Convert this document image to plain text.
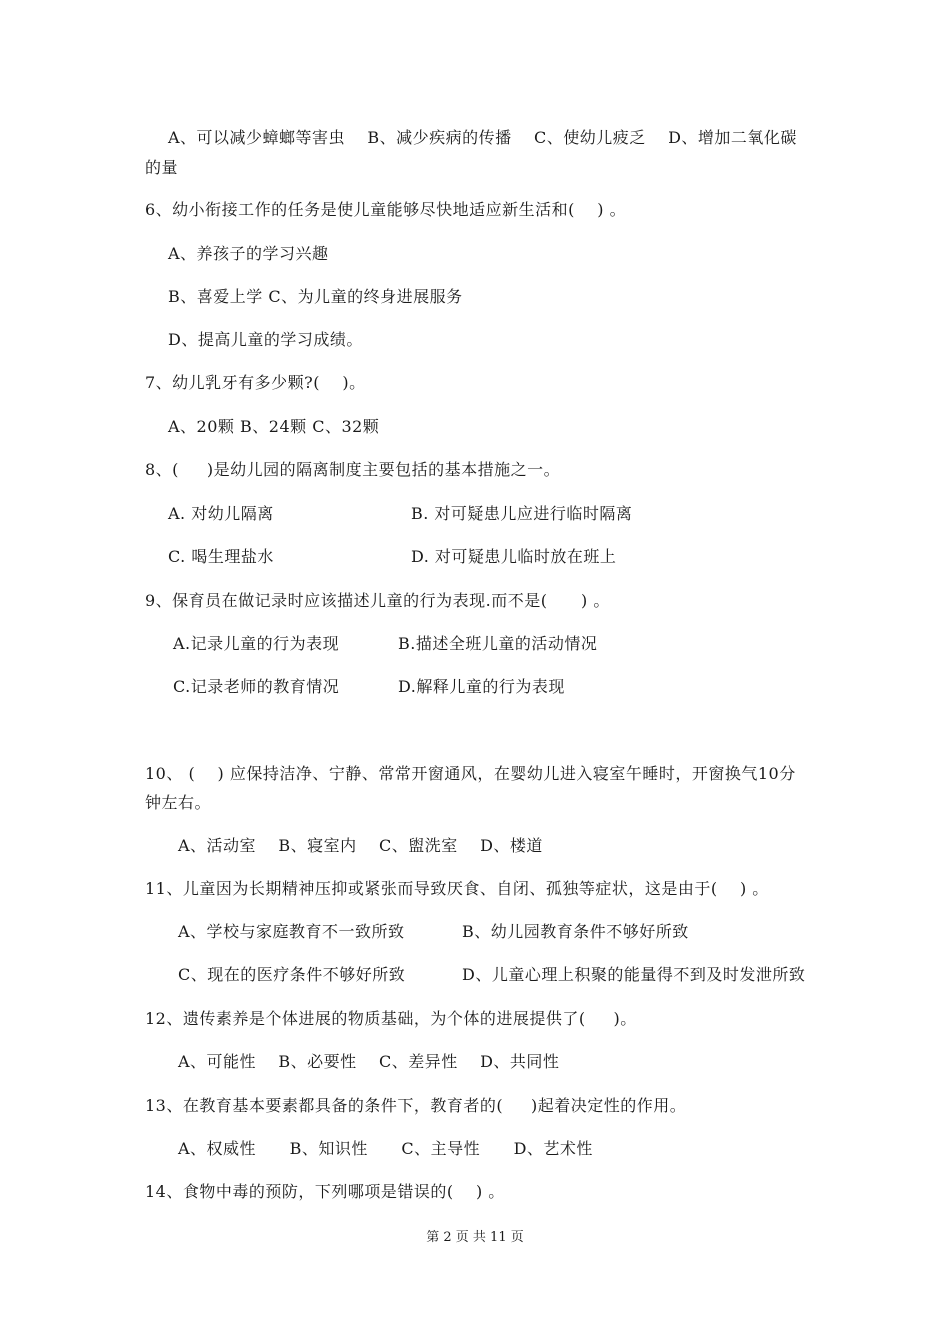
A、可以减少蟑螂等害虫    B、减少疾病的传播    C、使幼儿疲乏    D、增加二氧化碳
的量
6、幼小衔接工作的任务是使儿童能够尽快地适应新生活和(    ) 。
A、养孩子的学习兴趣
B、喜爱上学 C、为儿童的终身进展服务
D、提高儿童的学习成绩。
7、幼儿乳牙有多少颗?(    )。
A、20颗 B、24颗 C、32颗
8、(     )是幼儿园的隔离制度主要包括的基本措施之一。
A. 对幼儿隔离	B. 对可疑患儿应进行临时隔离
C. 喝生理盐水	D. 对可疑患儿临时放在班上
9、保育员在做记录时应该描述儿童的行为表现.而不是(      ) 。
A.记录儿童的行为表现	B.描述全班儿童的活动情况
C.记录老师的教育情况	D.解释儿童的行为表现
10、 (    ) 应保持洁净、宁静、常常开窗通风，在婴幼儿进入寝室午睡时，开窗换气10分
钟左右。
A、活动室    B、寝室内    C、盥洗室    D、楼道
11、儿童因为长期精神压抑或紧张而导致厌食、自闭、孤独等症状，这是由于(    ) 。
A、学校与家庭教育不一致所致	B、幼儿园教育条件不够好所致
C、现在的医疗条件不够好所致	D、儿童心理上积聚的能量得不到及时发泄所致
12、遗传素养是个体进展的物质基础，为个体的进展提供了(     )。
A、可能性    B、必要性    C、差异性    D、共同性
13、在教育基本要素都具备的条件下，教育者的(     )起着决定性的作用。
A、权威性      B、知识性      C、主导性      D、艺术性
14、食物中毒的预防，下列哪项是错误的(    ) 。
第 2 页 共 11 页
